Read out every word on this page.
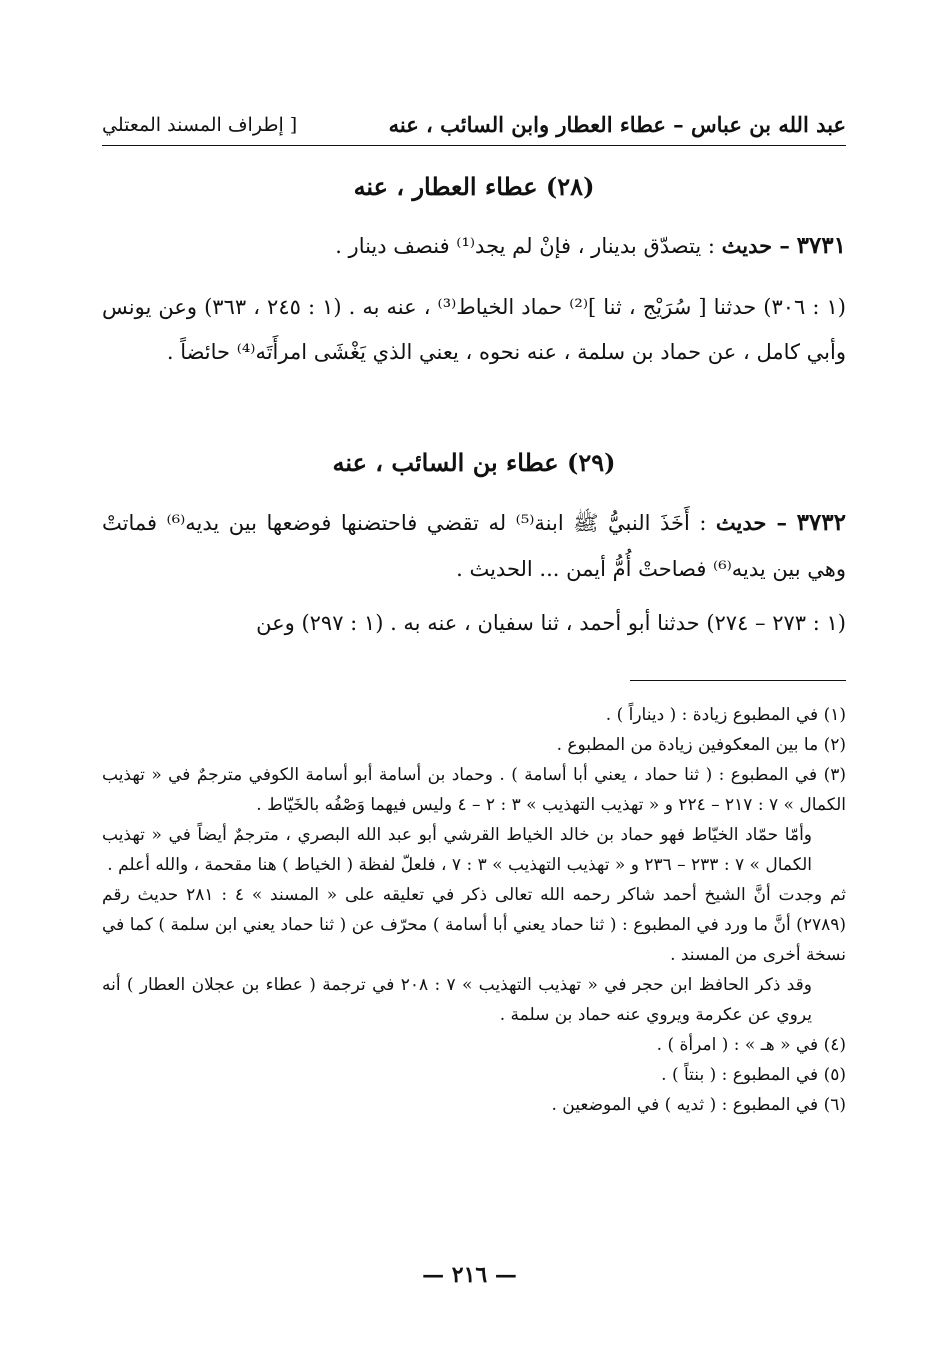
عبد الله بن عباس – عطاء العطار وابن السائب ، عنه
[ إطراف المسند المعتلي
(٢٨) عطاء العطار ، عنه
٣٧٣١ – حديث : يتصدّق بدينار ، فإنْ لم يجد⁽¹⁾ فنصف دينار .
(١ : ٣٠٦) حدثنا [ سُرَيْج ، ثنا ]⁽²⁾ حماد الخياط⁽³⁾ ، عنه به . (١ : ٢٤٥ ، ٣٦٣) وعن يونس وأبي كامل ، عن حماد بن سلمة ، عنه نحوه ، يعني الذي يَغْشَى امرأَتَه⁽⁴⁾ حائضاً .
(٢٩) عطاء بن السائب ، عنه
٣٧٣٢ – حديث : أَخَذَ النبيُّ ﷺ ابنة⁽⁵⁾ له تقضي فاحتضنها فوضعها بين يديه⁽⁶⁾ فماتتْ وهي بين يديه⁽⁶⁾ فصاحتْ أُمُّ أيمن ... الحديث .
(١ : ٢٧٣ – ٢٧٤) حدثنا أبو أحمد ، ثنا سفيان ، عنه به . (١ : ٢٩٧) وعن
(١) في المطبوع زيادة : ( ديناراً ) .
(٢) ما بين المعكوفين زيادة من المطبوع .
(٣) في المطبوع : ( ثنا حماد ، يعني أبا أسامة ) . وحماد بن أسامة أبو أسامة الكوفي مترجمٌ في « تهذيب الكمال » ٧ : ٢١٧ – ٢٢٤ و « تهذيب التهذيب » ٣ : ٢ – ٤ وليس فيهما وَصْفُه بالخَيّاط .
وأمّا حمّاد الخيّاط فهو حماد بن خالد الخياط القرشي أبو عبد الله البصري ، مترجمٌ أيضاً في « تهذيب الكمال » ٧ : ٢٣٣ – ٢٣٦ و « تهذيب التهذيب » ٣ : ٧ ، فلعلّ لفظة ( الخياط ) هنا مقحمة ، والله أعلم .
ثم وجدت أنَّ الشيخ أحمد شاكر رحمه الله تعالى ذكر في تعليقه على « المسند » ٤ : ٢٨١ حديث رقم (٢٧٨٩) أنَّ ما ورد في المطبوع : ( ثنا حماد يعني أبا أسامة ) محرّف عن ( ثنا حماد يعني ابن سلمة ) كما في نسخة أخرى من المسند .
وقد ذكر الحافظ ابن حجر في « تهذيب التهذيب » ٧ : ٢٠٨ في ترجمة ( عطاء بن عجلان العطار ) أنه يروي عن عكرمة ويروي عنه حماد بن سلمة .
(٤) في « هـ » : ( امرأة ) .
(٥) في المطبوع : ( بنتاً ) .
(٦) في المطبوع : ( ثديه ) في الموضعين .
— ٢١٦ —
